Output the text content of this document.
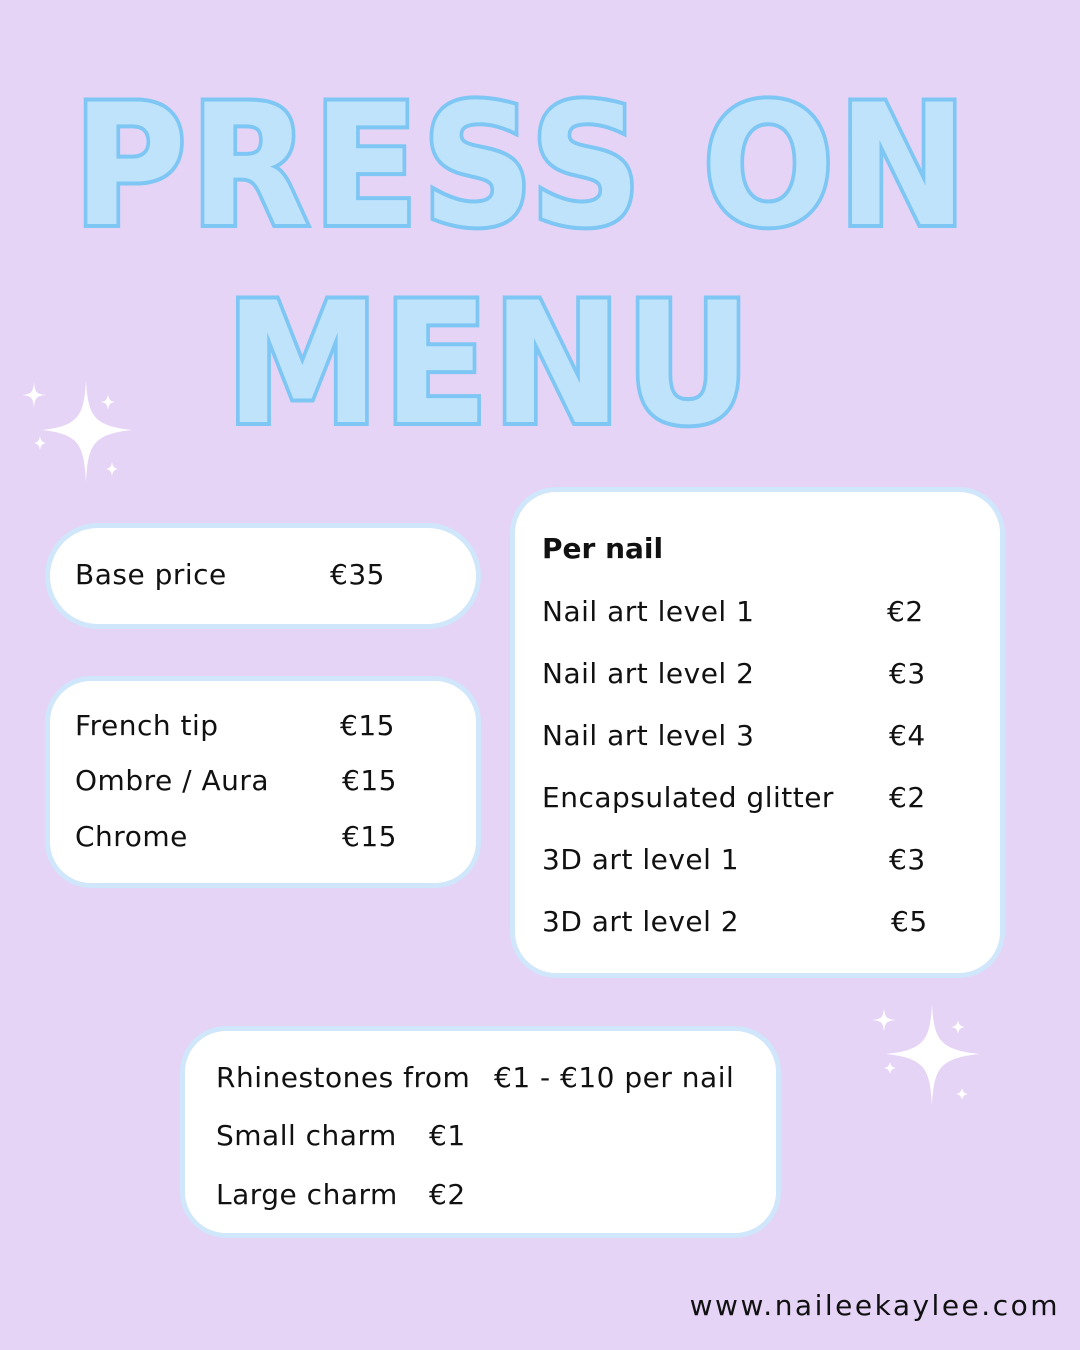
PRESS ON
MENU
Base price	€35
French tip	€15
Ombre / Aura	€15
Chrome	€15
Per nail
Nail art level 1	€2
Nail art level 2	€3
Nail art level 3	€4
Encapsulated glitter €2
3D art level 1	€3
3D art level 2	€5
Rhinestones from €1 - €10 per nail
Small charm €1
Large charm €2
www.naileekaylee.com
